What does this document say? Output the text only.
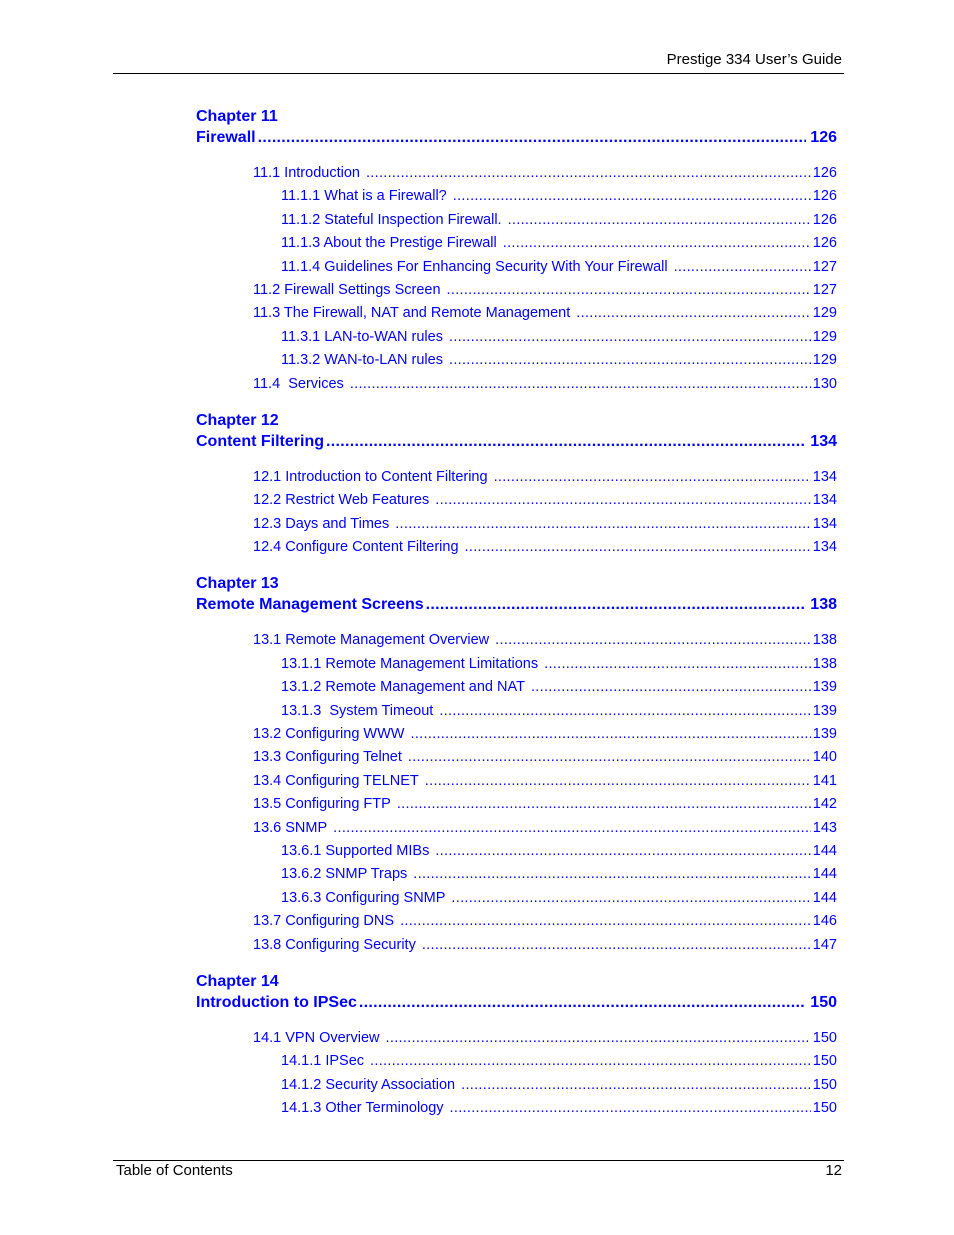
Prestige 334 User’s Guide
Chapter 11
Firewall .....	126
11.1 Introduction .....	126
11.1.1 What is a Firewall? .....	126
11.1.2 Stateful Inspection Firewall. .....	126
11.1.3 About the Prestige Firewall .....	126
11.1.4 Guidelines For Enhancing Security With Your Firewall .....	127
11.2 Firewall Settings Screen .....	127
11.3 The Firewall, NAT and Remote Management .....	129
11.3.1 LAN-to-WAN rules .....	129
11.3.2 WAN-to-LAN rules .....	129
11.4  Services .....	130
Chapter 12
Content Filtering .....	134
12.1 Introduction to Content Filtering .....	134
12.2 Restrict Web Features .....	134
12.3 Days and Times .....	134
12.4 Configure Content Filtering .....	134
Chapter 13
Remote Management Screens .....	138
13.1 Remote Management Overview .....	138
13.1.1 Remote Management Limitations .....	138
13.1.2 Remote Management and NAT .....	139
13.1.3  System Timeout .....	139
13.2 Configuring WWW .....	139
13.3 Configuring Telnet .....	140
13.4 Configuring TELNET .....	141
13.5 Configuring FTP .....	142
13.6 SNMP .....	143
13.6.1 Supported MIBs .....	144
13.6.2 SNMP Traps .....	144
13.6.3 Configuring SNMP .....	144
13.7 Configuring DNS .....	146
13.8 Configuring Security .....	147
Chapter 14
Introduction to IPSec .....	150
14.1 VPN Overview .....	150
14.1.1 IPSec .....	150
14.1.2 Security Association .....	150
14.1.3 Other Terminology .....	150
Table of Contents	12
